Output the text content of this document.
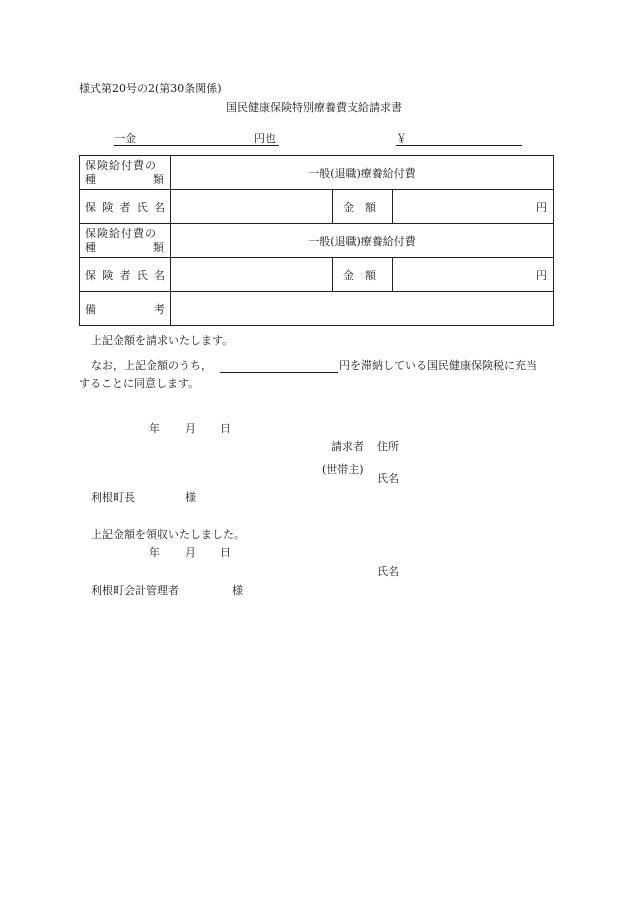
様式第20号の2(第30条関係)
国民健康保険特別療養費支給請求書
一金	円也	￥
保険給付費の
種 類	一般(退職)療養給付費		

保 険 者 氏 名		金 額	円

保険給付費の
種 類	一般(退職)療養給付費		

保 険 者 氏 名		金 額	円

備 考			

上記金額を請求いたします。
なお，上記金額のうち，	円を滞納している国民健康保険税に充当
することに同意します。
年 月 日
請求者 住所
(世帯主)
氏名
利根町長	様
上記金額を領収いたしました。
年 月 日
氏名
利根町会計管理者	様
